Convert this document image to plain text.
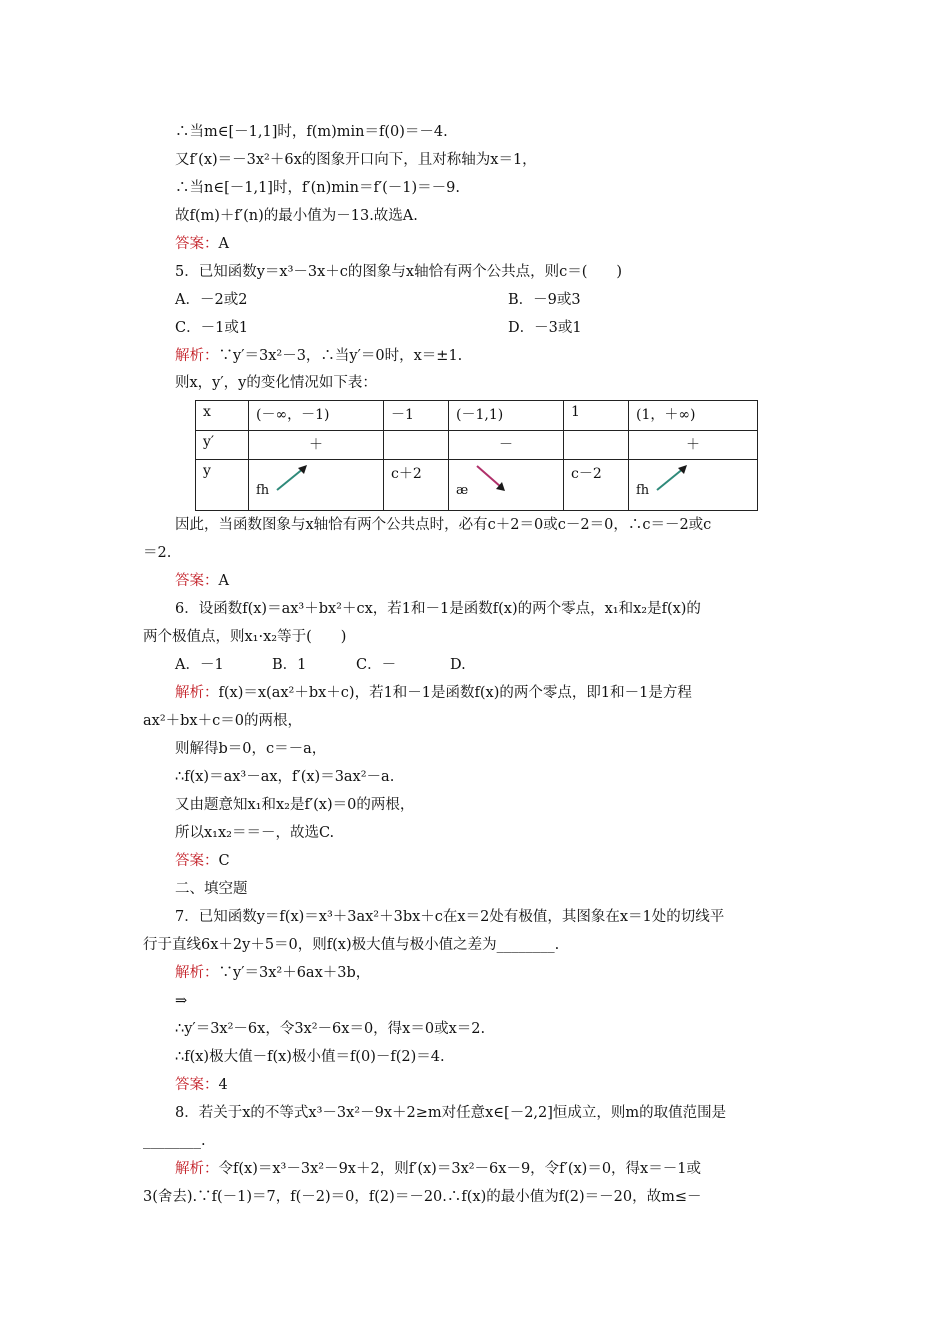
∴当m∈[－1,1]时，f(m)min＝f(0)＝－4.
又f′(x)＝－3x²＋6x的图象开口向下，且对称轴为x＝1，
∴当n∈[－1,1]时，f′(n)min＝f′(－1)＝－9.
故f(m)＋f′(n)的最小值为－13.故选A.
答案：A
5．已知函数y＝x³－3x＋c的图象与x轴恰有两个公共点，则c＝(　　)
A．－2或2	B．－9或3
C．－1或1	D．－3或1
解析：∵y′＝3x²－3，∴当y′＝0时，x＝±1.
则x，y′，y的变化情况如下表：
x	(－∞，－1)	－1	(－1,1)	1	(1，＋∞)
y′	＋		－		＋
y	fh	c＋2	æ	c－2	fh
因此，当函数图象与x轴恰有两个公共点时，必有c＋2＝0或c－2＝0，∴c＝－2或c
＝2.
答案：A
6．设函数f(x)＝ax³＋bx²＋cx，若1和－1是函数f(x)的两个零点，x₁和x₂是f(x)的
两个极值点，则x₁·x₂等于(　　)
A．－1	B．1	C．－	D.
解析：f(x)＝x(ax²＋bx＋c)，若1和－1是函数f(x)的两个零点，即1和－1是方程
ax²＋bx＋c＝0的两根，
则解得b＝0，c＝－a，
∴f(x)＝ax³－ax，f′(x)＝3ax²－a.
又由题意知x₁和x₂是f′(x)＝0的两根，
所以x₁x₂＝＝－，故选C.
答案：C
二、填空题
7．已知函数y＝f(x)＝x³＋3ax²＋3bx＋c在x＝2处有极值，其图象在x＝1处的切线平
行于直线6x＋2y＋5＝0，则f(x)极大值与极小值之差为________.
解析：∵y′＝3x²＋6ax＋3b，
⇒
∴y′＝3x²－6x，令3x²－6x＝0，得x＝0或x＝2.
∴f(x)极大值－f(x)极小值＝f(0)－f(2)＝4.
答案：4
8．若关于x的不等式x³－3x²－9x＋2≥m对任意x∈[－2,2]恒成立，则m的取值范围是
________.
解析：令f(x)＝x³－3x²－9x＋2，则f′(x)＝3x²－6x－9，令f′(x)＝0，得x＝－1或
3(舍去).∵f(－1)＝7，f(－2)＝0，f(2)＝－20.∴f(x)的最小值为f(2)＝－20，故m≤－
